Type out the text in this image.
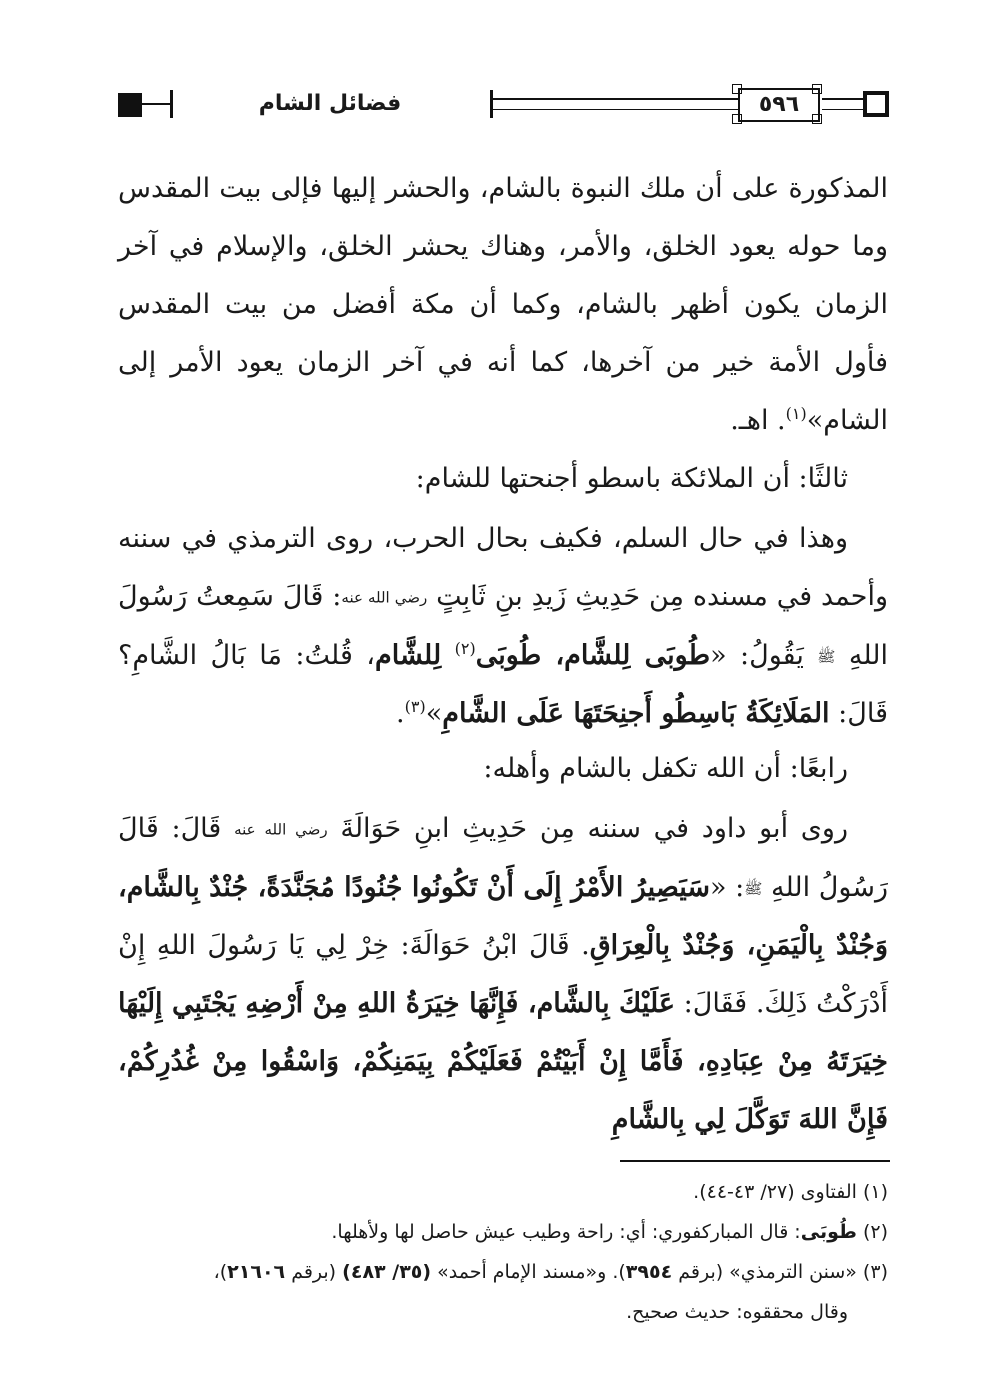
فضائل الشام	٥٩٦
المذكورة على أن ملك النبوة بالشام، والحشر إليها فإلى بيت المقدس وما حوله يعود الخلق، والأمر، وهناك يحشر الخلق، والإسلام في آخر الزمان يكون أظهر بالشام، وكما أن مكة أفضل من بيت المقدس فأول الأمة خير من آخرها، كما أنه في آخر الزمان يعود الأمر إلى الشام»$^{(١)}$. اهـ.
ثالثًا: أن الملائكة باسطو أجنحتها للشام:
وهذا في حال السلم، فكيف بحال الحرب، روى الترمذي في سننه وأحمد في مسنده مِن حَدِيثِ زَيدِ بنِ ثَابِتٍ رضي الله عنه: قَالَ سَمِعتُ رَسُولَ اللهِ ﷺ يَقُولُ: «طُوبَى لِلشَّام، طُوبَى$^{(٢)}$ لِلشَّام، قُلتُ: مَا بَالُ الشَّامِ؟ قَالَ: المَلَائِكَةُ بَاسِطُو أَجنِحَتَهَا عَلَى الشَّامِ»$^{(٣)}$.
رابعًا: أن الله تكفل بالشام وأهله:
روى أبو داود في سننه مِن حَدِيثِ ابنِ حَوَالَةَ رضي الله عنه قَالَ: قَالَ رَسُولُ اللهِ ﷺ: «سَيَصِيرُ الأَمْرُ إِلَى أَنْ تَكُونُوا جُنُودًا مُجَنَّدَةً، جُنْدٌ بِالشَّام، وَجُنْدٌ بِالْيَمَنِ، وَجُنْدٌ بِالْعِرَاقِ. قَالَ ابْنُ حَوَالَةَ: خِرْ لِي يَا رَسُولَ اللهِ إِنْ أَدْرَكْتُ ذَلِكَ. فَقَالَ: عَلَيْكَ بِالشَّام، فَإِنَّهَا خِيَرَةُ اللهِ مِنْ أَرْضِهِ يَجْتَبِي إِلَيْهَا خِيَرَتَهُ مِنْ عِبَادِهِ، فَأَمَّا إِنْ أَبَيْتُمْ فَعَلَيْكُمْ بِيَمَنِكُمْ، وَاسْقُوا مِنْ غُدُرِكُمْ، فَإِنَّ اللهَ تَوَكَّلَ لِي بِالشَّامِ
(١) الفتاوى (٢٧/ ٤٣-٤٤).
(٢) طُوبَى: قال المباركفوري: أي: راحة وطيب عيش حاصل لها ولأهلها.
(٣) «سنن الترمذي» (برقم ٣٩٥٤). و«مسند الإمام أحمد» (٣٥/ ٤٨٣) (برقم ٢١٦٠٦)،
وقال محققوه: حديث صحيح.
